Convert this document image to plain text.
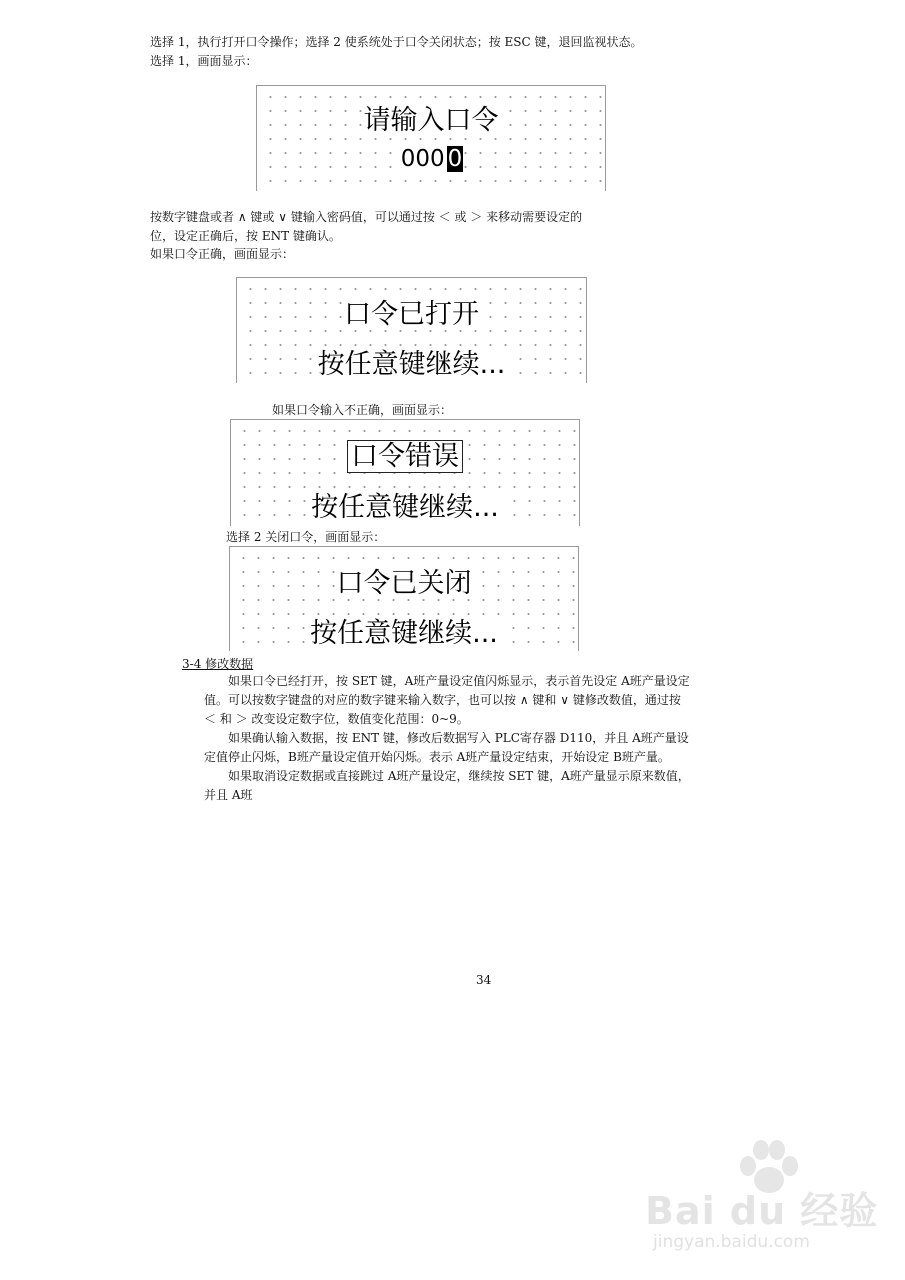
选择 1，执行打开口令操作；选择 2 使系统处于口令关闭状态；按 ESC 键，退回监视状态。
选择 1，画面显示：
请输入口令
000 0
按数字键盘或者 ∧ 键或 ∨ 键输入密码值，可以通过按 ＜ 或 ＞ 来移动需要设定的
位，设定正确后，按 ENT 键确认。
如果口令正确，画面显示：
口令已打开
按任意键继续...
如果口令输入不正确，画面显示：
口令错误
按任意键继续...
选择 2 关闭口令，画面显示：
口令已关闭
按任意键继续...
3-4 修改数据
如果口令已经打开，按 SET 键，A班产量设定值闪烁显示，表示首先设定 A班产量设定值。可以按数字键盘的对应的数字键来输入数字，也可以按 ∧ 键和 ∨ 键修改数值，通过按 ＜ 和 ＞ 改变设定数字位，数值变化范围：0~9。
如果确认输入数据，按 ENT 键，修改后数据写入 PLC寄存器 D110，并且 A班产量设定值停止闪烁，B班产量设定值开始闪烁。表示 A班产量设定结束，开始设定 B班产量。
如果取消设定数据或直接跳过 A班产量设定，继续按 SET 键，A班产量显示原来数值，并且 A班
34
Bai du 经验
jingyan.baidu.com
